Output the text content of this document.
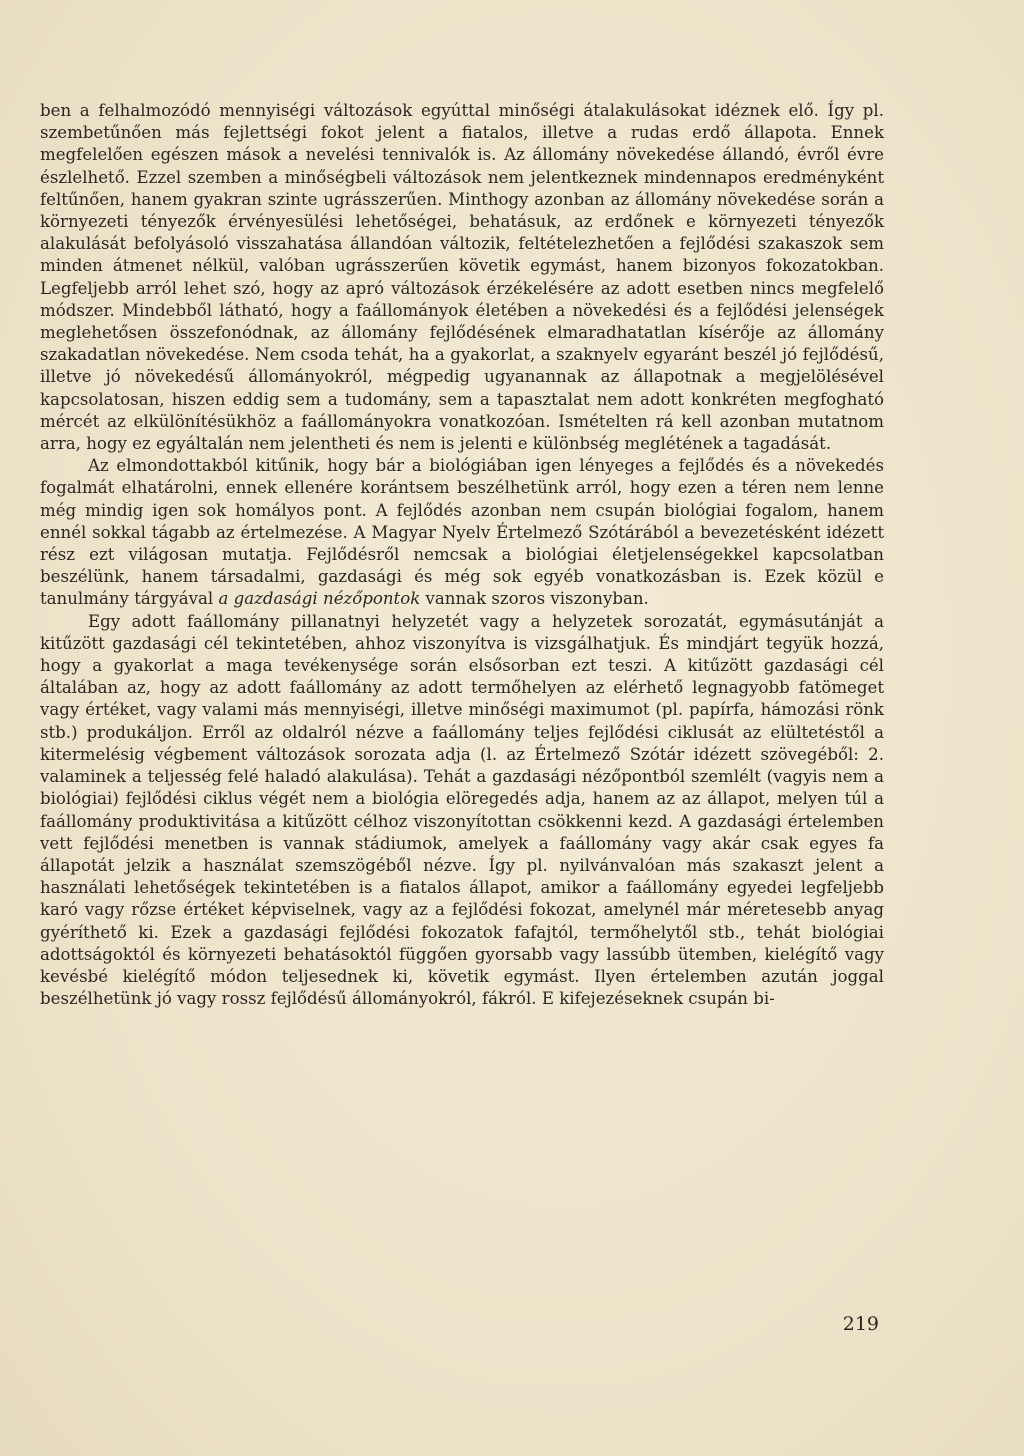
ben a felhalmozódó mennyiségi változások egyúttal minőségi átalakulásokat idéznek elő. Így pl. szembetűnően más fejlettségi fokot jelent a fiatalos, illetve a rudas erdő állapota. Ennek megfelelően egészen mások a nevelési tennivalók is. Az állomány növekedése állandó, évről évre észlelhető. Ezzel szemben a minőségbeli változások nem jelentkeznek mindennapos eredményként feltűnően, hanem gyakran szinte ugrásszerűen. Minthogy azonban az állomány növekedése során a környezeti tényezők érvényesülési lehetőségei, behatásuk, az erdőnek e környezeti tényezők alakulását befolyásoló visszahatása állandóan változik, feltételezhetően a fejlődési szakaszok sem minden átmenet nélkül, valóban ugrásszerűen követik egymást, hanem bizonyos fokozatokban. Legfeljebb arról lehet szó, hogy az apró változások érzékelésére az adott esetben nincs megfelelő módszer. Mindebből látható, hogy a faállományok életében a növekedési és a fejlődési jelenségek meglehetősen összefonódnak, az állomány fejlődésének elmaradhatatlan kísérője az állomány szakadatlan növekedése. Nem csoda tehát, ha a gyakorlat, a szaknyelv egyaránt beszél jó fejlődésű, illetve jó növekedésű állományokról, mégpedig ugyanannak az állapotnak a megjelölésével kapcsolatosan, hiszen eddig sem a tudomány, sem a tapasztalat nem adott konkréten megfogható mércét az elkülönítésükhöz a faállományokra vonatkozóan. Ismételten rá kell azonban mutatnom arra, hogy ez egyáltalán nem jelentheti és nem is jelenti e különbség meglétének a tagadását.

Az elmondottakból kitűnik, hogy bár a biológiában igen lényeges a fejlődés és a növekedés fogalmát elhatárolni, ennek ellenére korántsem beszélhetünk arról, hogy ezen a téren nem lenne még mindig igen sok homályos pont. A fejlődés azonban nem csupán biológiai fogalom, hanem ennél sokkal tágabb az értelmezése. A Magyar Nyelv Értelmező Szótárából a bevezetésként idézett rész ezt világosan mutatja. Fejlődésről nemcsak a biológiai életjelenségekkel kapcsolatban beszélünk, hanem társadalmi, gazdasági és még sok egyéb vonatkozásban is. Ezek közül e tanulmány tárgyával a gazdasági nézőpontok vannak szoros viszonyban.

Egy adott faállomány pillanatnyi helyzetét vagy a helyzetek sorozatát, egymásutánját a kitűzött gazdasági cél tekintetében, ahhoz viszonyítva is vizsgálhatjuk. És mindjárt tegyük hozzá, hogy a gyakorlat a maga tevékenysége során elsősorban ezt teszi. A kitűzött gazdasági cél általában az, hogy az adott faállomány az adott termőhelyen az elérhető legnagyobb fatömeget vagy értéket, vagy valami más mennyiségi, illetve minőségi maximumot (pl. papírfa, hámozási rönk stb.) produkáljon. Erről az oldalról nézve a faállomány teljes fejlődési ciklusát az elültetéstől a kitermelésig végbement változások sorozata adja (l. az Értelmező Szótár idézett szövegéből: 2. valaminek a teljesség felé haladó alakulása). Tehát a gazdasági nézőpontból szemlélt (vagyis nem a biológiai) fejlődési ciklus végét nem a biológia elöregedés adja, hanem az az állapot, melyen túl a faállomány produktivitása a kitűzött célhoz viszonyítottan csökkenni kezd. A gazdasági értelemben vett fejlődési menetben is vannak stádiumok, amelyek a faállomány vagy akár csak egyes fa állapotát jelzik a használat szemszögéből nézve. Így pl. nyilvánvalóan más szakaszt jelent a használati lehetőségek tekintetében is a fiatalos állapot, amikor a faállomány egyedei legfeljebb karó vagy rőzse értéket képviselnek, vagy az a fejlődési fokozat, amelynél már méretesebb anyag gyéríthető ki. Ezek a gazdasági fejlődési fokozatok fafajtól, termőhelytől stb., tehát biológiai adottságoktól és környezeti behatásoktól függően gyorsabb vagy lassúbb ütemben, kielégítő vagy kevésbé kielégítő módon teljesednek ki, követik egymást. Ilyen értelemben azután joggal beszélhetünk jó vagy rossz fejlődésű állományokról, fákról. E kifejezéseknek csupán bi-

219
